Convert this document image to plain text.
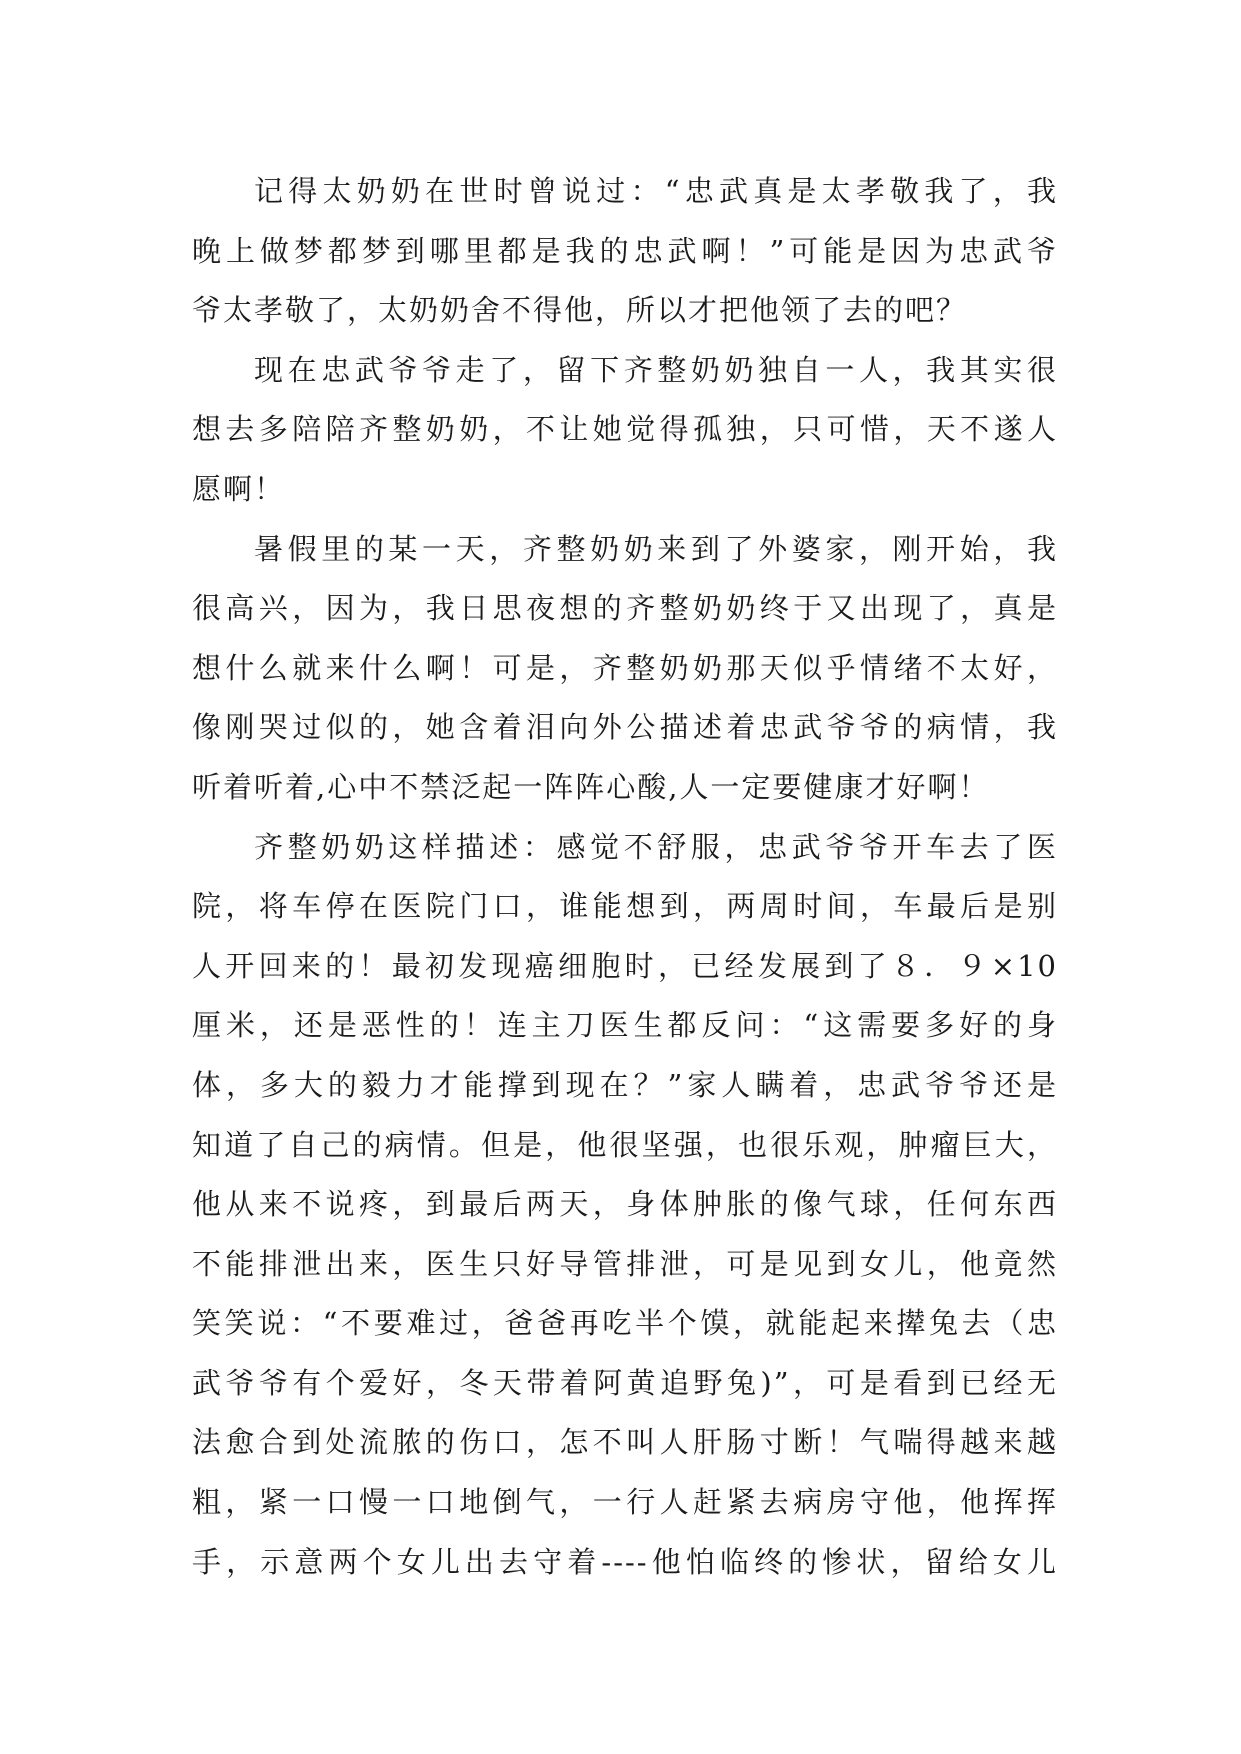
记得太奶奶在世时曾说过：“忠武真是太孝敬我了，我
晚上做梦都梦到哪里都是我的忠武啊！”可能是因为忠武爷
爷太孝敬了，太奶奶舍不得他，所以才把他领了去的吧？
现在忠武爷爷走了，留下齐整奶奶独自一人，我其实很
想去多陪陪齐整奶奶，不让她觉得孤独，只可惜，天不遂人
愿啊！
暑假里的某一天，齐整奶奶来到了外婆家，刚开始，我
很高兴，因为，我日思夜想的齐整奶奶终于又出现了，真是
想什么就来什么啊！可是，齐整奶奶那天似乎情绪不太好，
像刚哭过似的，她含着泪向外公描述着忠武爷爷的病情，我
听着听着,心中不禁泛起一阵阵心酸,人一定要健康才好啊！
齐整奶奶这样描述：感觉不舒服，忠武爷爷开车去了医
院，将车停在医院门口，谁能想到，两周时间，车最后是别
人开回来的！最初发现癌细胞时，已经发展到了８．９×10
厘米，还是恶性的！连主刀医生都反问：“这需要多好的身
体，多大的毅力才能撑到现在？”家人瞒着，忠武爷爷还是
知道了自己的病情。但是，他很坚强，也很乐观，肿瘤巨大，
他从来不说疼，到最后两天，身体肿胀的像气球，任何东西
不能排泄出来，医生只好导管排泄，可是见到女儿，他竟然
笑笑说：“不要难过，爸爸再吃半个馍，就能起来撵兔去（忠
武爷爷有个爱好，冬天带着阿黄追野兔)”，可是看到已经无
法愈合到处流脓的伤口，怎不叫人肝肠寸断！气喘得越来越
粗，紧一口慢一口地倒气，一行人赶紧去病房守他，他挥挥
手，示意两个女儿出去守着----他怕临终的惨状，留给女儿
